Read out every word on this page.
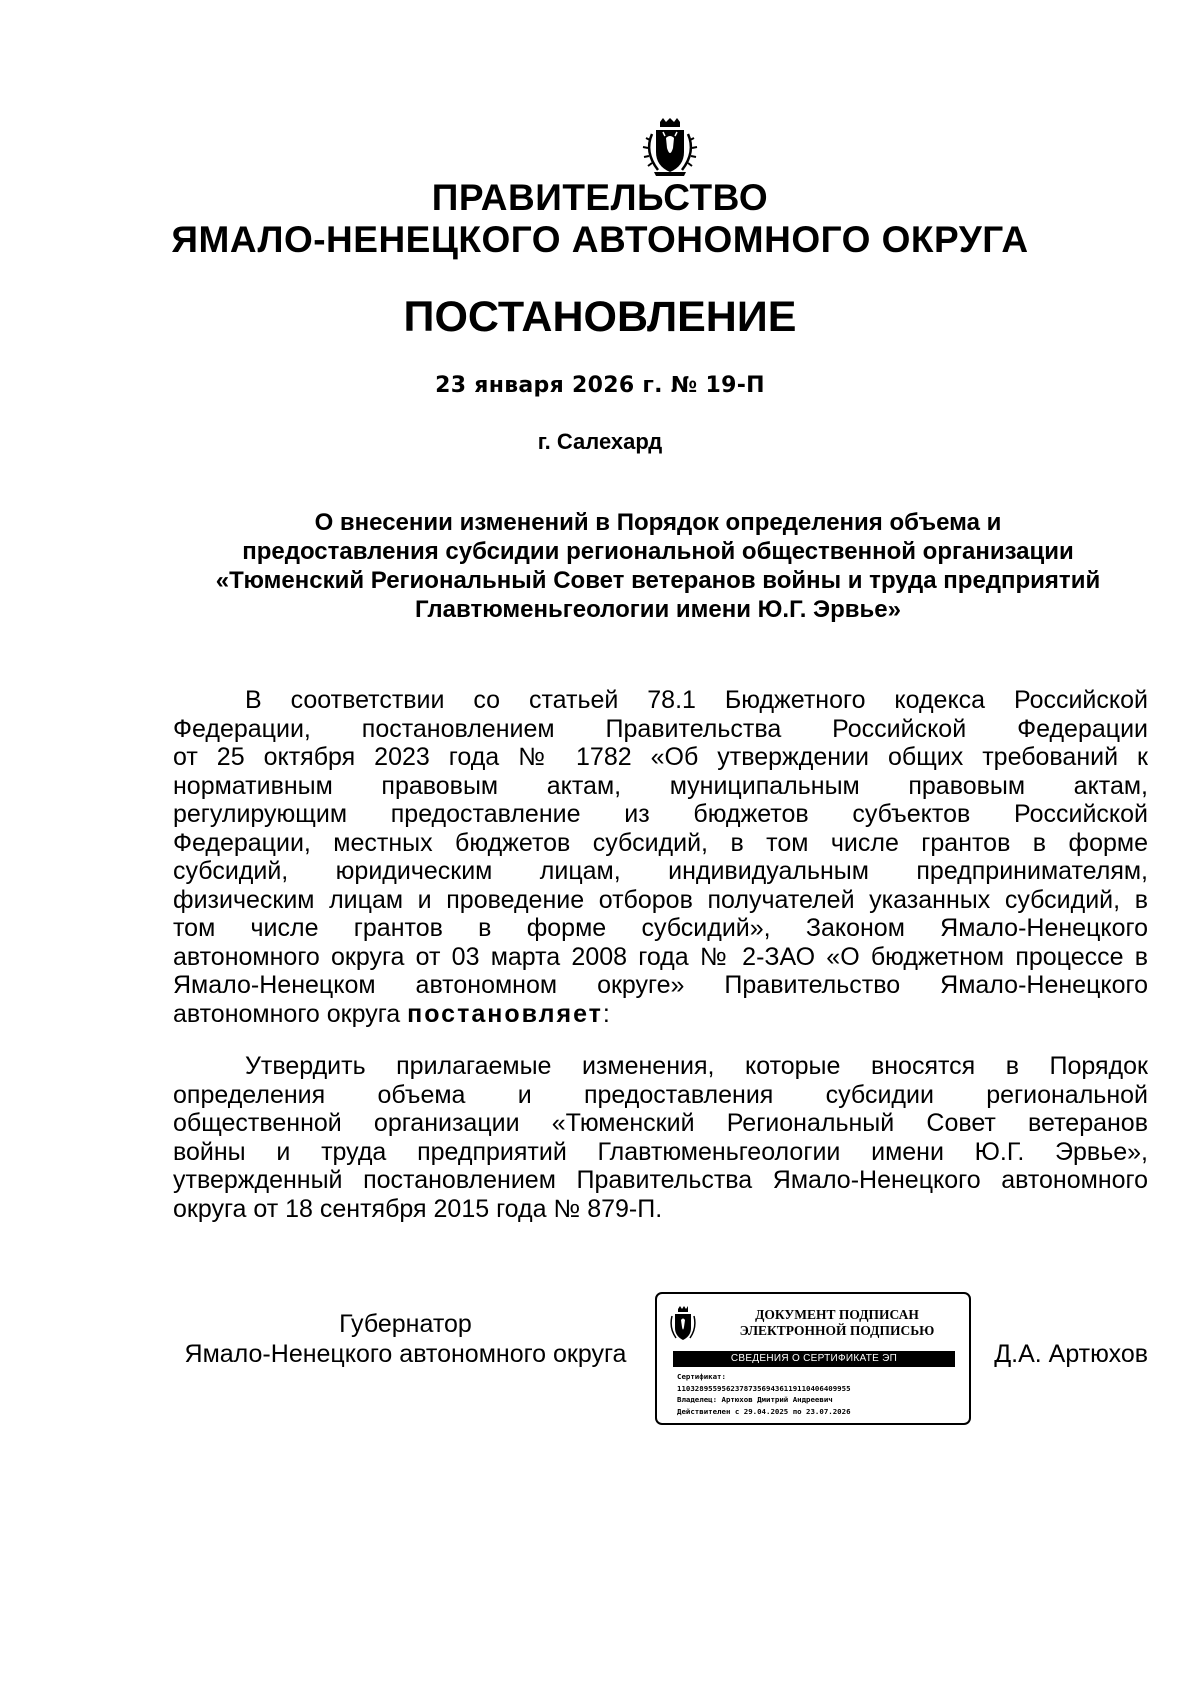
ПРАВИТЕЛЬСТВО
ЯМАЛО-НЕНЕЦКОГО АВТОНОМНОГО ОКРУГА
ПОСТАНОВЛЕНИЕ
23 января 2026 г. № 19-П
г. Салехард
О внесении изменений в Порядок определения объема и
предоставления субсидии региональной общественной организации
«Тюменский Региональный Совет ветеранов войны и труда предприятий
Главтюменьгеологии имени Ю.Г. Эрвье»
В соответствии со статьей 78.1 Бюджетного кодекса Российской
Федерации, постановлением Правительства Российской Федерации
от 25 октября 2023 года № 1782 «Об утверждении общих требований к
нормативным правовым актам, муниципальным правовым актам,
регулирующим предоставление из бюджетов субъектов Российской
Федерации, местных бюджетов субсидий, в том числе грантов в форме
субсидий, юридическим лицам, индивидуальным предпринимателям,
физическим лицам и проведение отборов получателей указанных субсидий, в
том числе грантов в форме субсидий», Законом Ямало-Ненецкого
автономного округа от 03 марта 2008 года № 2-ЗАО «О бюджетном процессе в
Ямало-Ненецком автономном округе» Правительство Ямало-Ненецкого
автономного округа постановляет:
Утвердить прилагаемые изменения, которые вносятся в Порядок
определения объема и предоставления субсидии региональной
общественной организации «Тюменский Региональный Совет ветеранов
войны и труда предприятий Главтюменьгеологии имени Ю.Г. Эрвье»,
утвержденный постановлением Правительства Ямало-Ненецкого автономного
округа от 18 сентября 2015 года № 879-П.
Губернатор
Ямало-Ненецкого автономного округа
ДОКУМЕНТ ПОДПИСАН
ЭЛЕКТРОННОЙ ПОДПИСЬЮ
СВЕДЕНИЯ О СЕРТИФИКАТЕ ЭП
Сертификат:
110328955956237873569436119110406409955
Владелец: Артюхов Дмитрий Андреевич
Действителен с 29.04.2025 по 23.07.2026
Д.А. Артюхов
